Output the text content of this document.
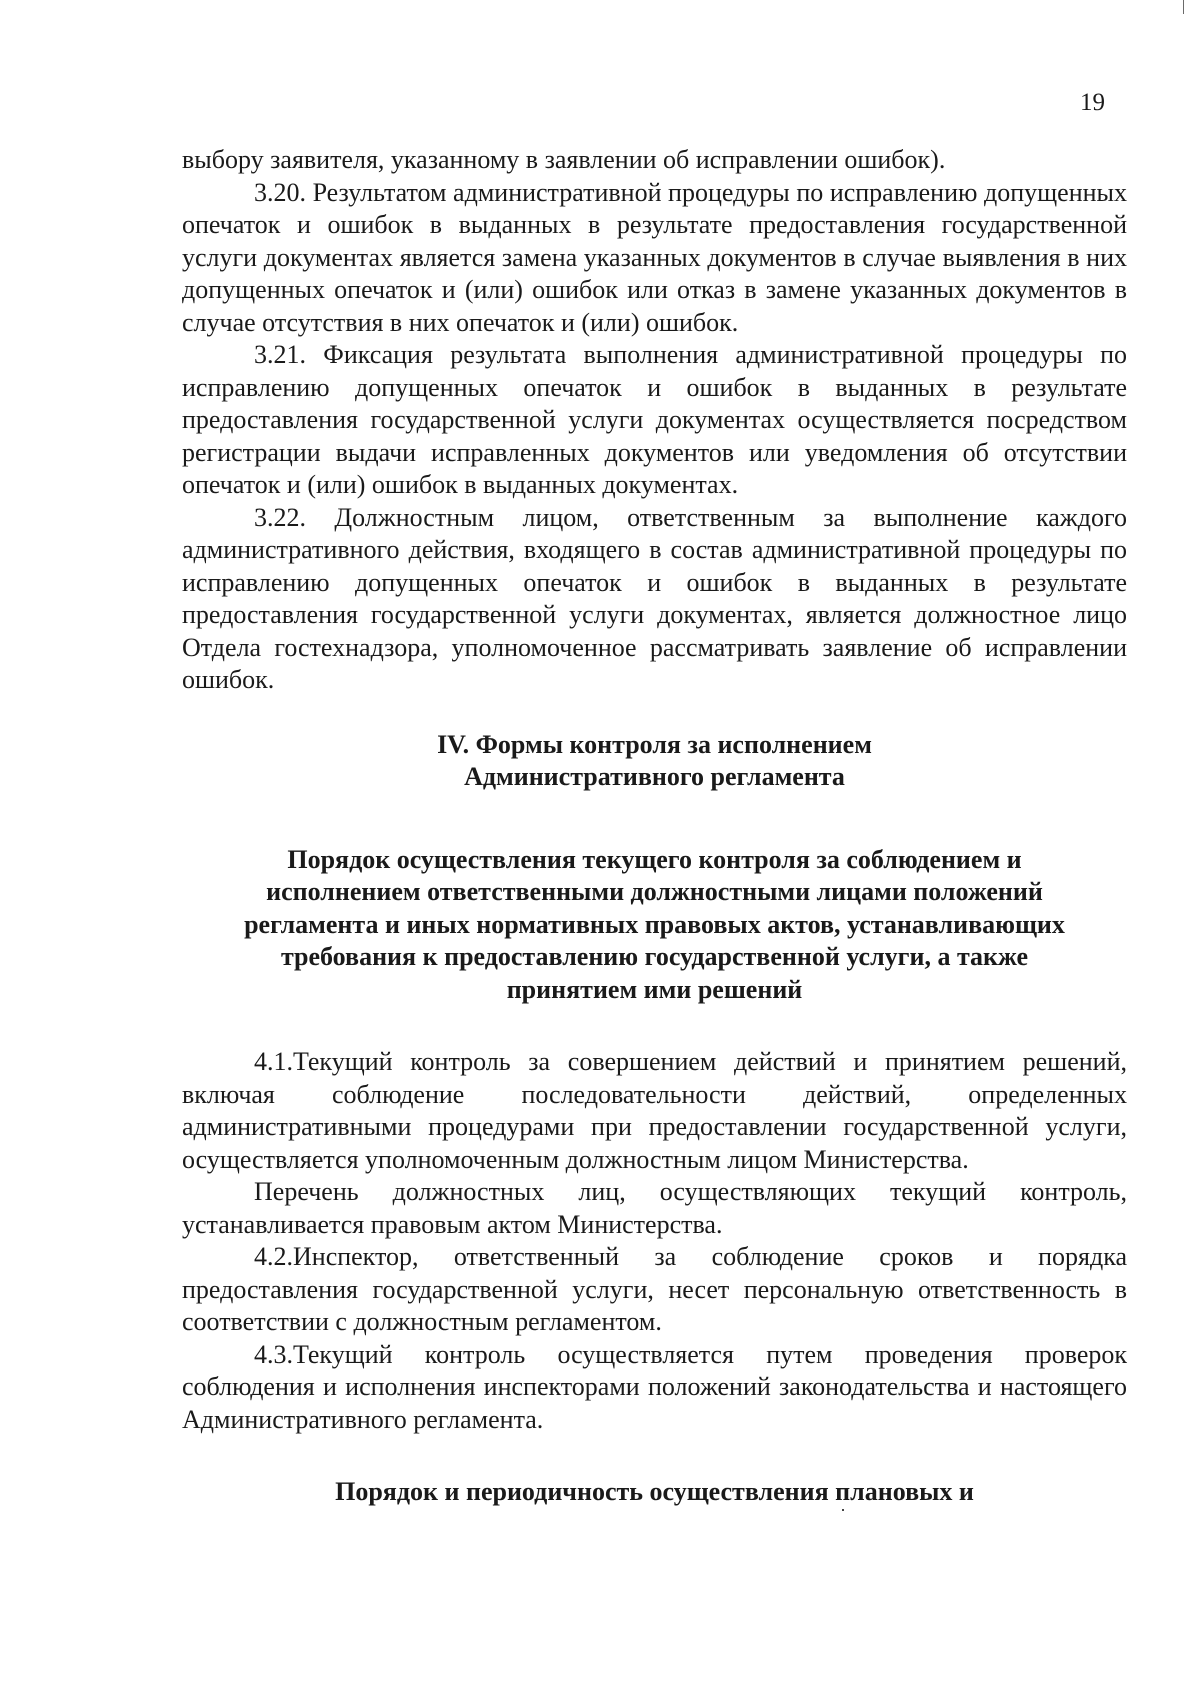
19

выбору заявителя, указанному в заявлении об исправлении ошибок).

3.20. Результатом административной процедуры по исправлению допущенных опечаток и ошибок в выданных в результате предоставления государственной услуги документах является замена указанных документов в случае выявления в них допущенных опечаток и (или) ошибок или отказ в замене указанных документов в случае отсутствия в них опечаток и (или) ошибок.

3.21. Фиксация результата выполнения административной процедуры по исправлению допущенных опечаток и ошибок в выданных в результате предоставления государственной услуги документах осуществляется посредством регистрации выдачи исправленных документов или уведомления об отсутствии опечаток и (или) ошибок в выданных документах.

3.22. Должностным лицом, ответственным за выполнение каждого административного действия, входящего в состав административной процедуры по исправлению допущенных опечаток и ошибок в выданных в результате предоставления государственной услуги документах, является должностное лицо Отдела гостехнадзора, уполномоченное рассматривать заявление об исправлении ошибок.

IV. Формы контроля за исполнением
Административного регламента
Порядок осуществления текущего контроля за соблюдением и
исполнением ответственными должностными лицами положений
регламента и иных нормативных правовых актов, устанавливающих
требования к предоставлению государственной услуги, а также
принятием ими решений

4.1.Текущий контроль за совершением действий и принятием решений, включая соблюдение последовательности действий, определенных административными процедурами при предоставлении государственной услуги, осуществляется уполномоченным должностным лицом Министерства.

Перечень должностных лиц, осуществляющих текущий контроль, устанавливается правовым актом Министерства.

4.2.Инспектор, ответственный за соблюдение сроков и порядка предоставления государственной услуги, несет персональную ответственность в соответствии с должностным регламентом.

4.3.Текущий контроль осуществляется путем проведения проверок соблюдения и исполнения инспекторами положений законодательства и настоящего Административного регламента.

Порядок и периодичность осуществления плановых и
